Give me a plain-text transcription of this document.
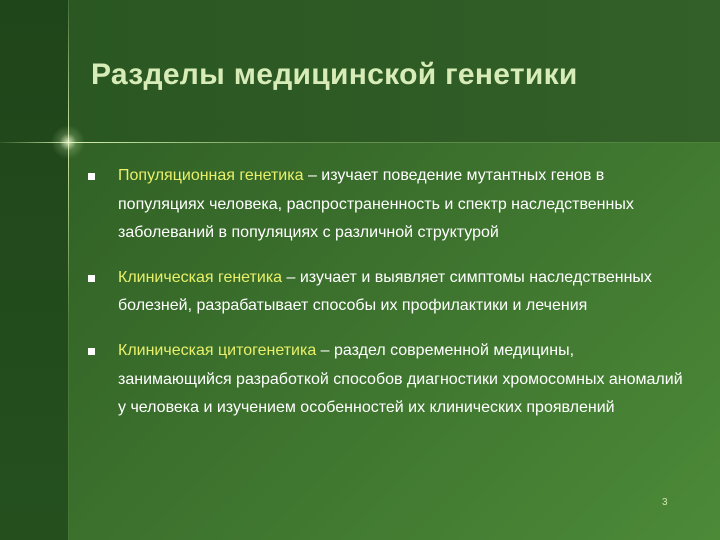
Разделы медицинской генетики
Популяционная генетика – изучает поведение мутантных генов в популяциях человека, распространенность и спектр наследственных заболеваний в популяциях с различной структурой
Клиническая генетика – изучает и выявляет симптомы наследственных болезней, разрабатывает способы их профилактики и лечения
Клиническая цитогенетика – раздел современной медицины, занимающийся разработкой способов диагностики хромосомных аномалий у человека и изучением особенностей их клинических проявлений
3
